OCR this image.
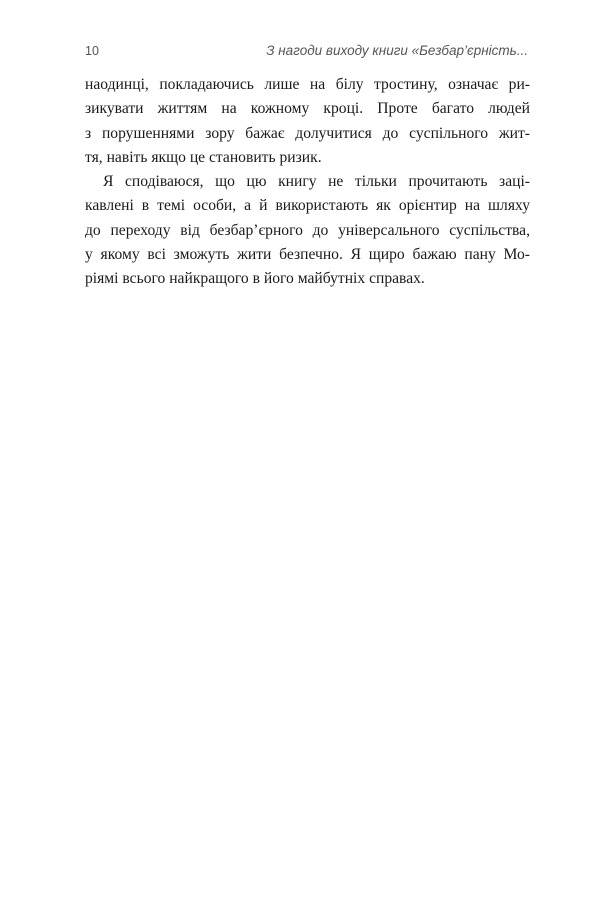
10	З нагоди виходу книги «Безбар’єрність...
наодинці, покладаючись лише на білу тростину, означає ри-
зикувати життям на кожному кроці. Проте багато людей
з порушеннями зору бажає долучитися до суспільного жит-
тя, навіть якщо це становить ризик.
Я сподіваюся, що цю книгу не тільки прочитають заці-
кавлені в темі особи, а й використають як орієнтир на шляху
до переходу від безбар’єрного до універсального суспільства,
у якому всі зможуть жити безпечно. Я щиро бажаю пану Мо-
ріямі всього найкращого в його майбутніх справах.
